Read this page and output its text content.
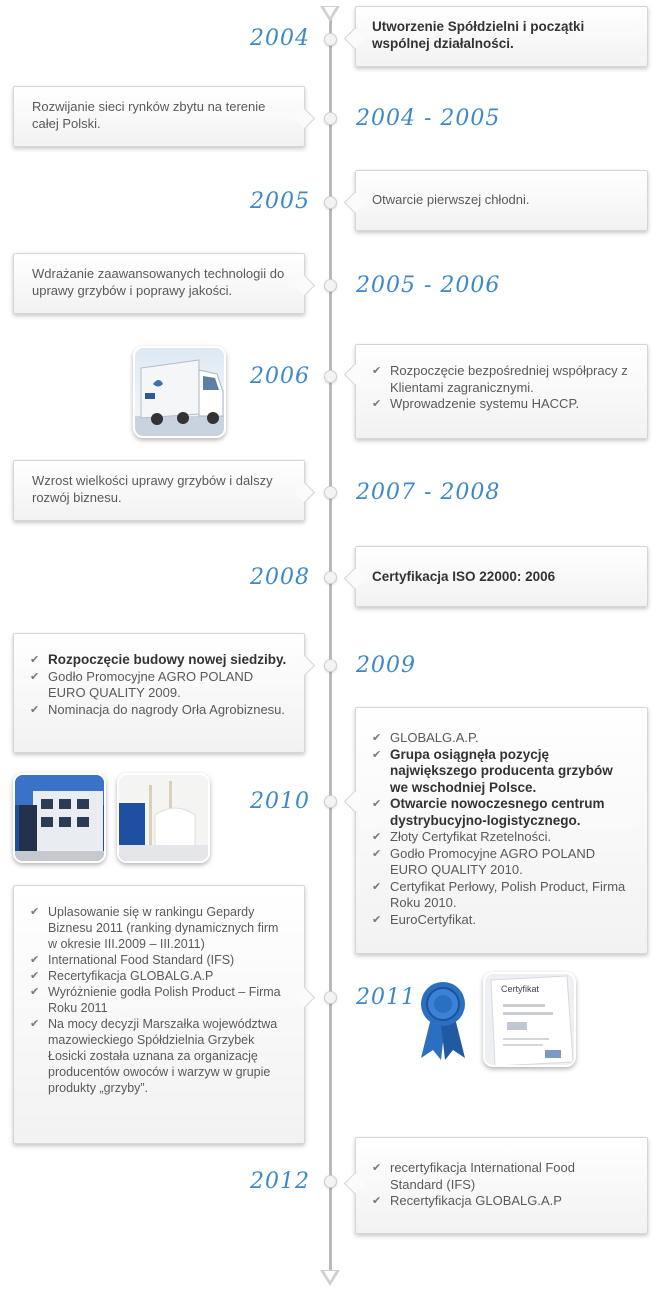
2004
2004 - 2005
2005
2005 - 2006
2006
2007 - 2008
2008
2009
2010
2011
2012
Utworzenie Spółdzielni i początki wspólnej działalności.
Rozwijanie sieci rynków zbytu na terenie całej Polski.
Otwarcie pierwszej chłodni.
Wdrażanie zaawansowanych technologii do uprawy grzybów i poprawy jakości.
✔ Rozpoczęcie bezpośredniej współpracy z Klientami zagranicznymi.
✔ Wprowadzenie systemu HACCP.
Wzrost wielkości uprawy grzybów i dalszy rozwój biznesu.
Certyfikacja ISO 22000: 2006
✔ Rozpoczęcie budowy nowej siedziby.
✔ Godło Promocyjne AGRO POLAND EURO QUALITY 2009.
✔ Nominacja do nagrody Orła Agrobiznesu.
✔ GLOBALG.A.P.
✔ Grupa osiągnęła pozycję największego producenta grzybów we wschodniej Polsce.
✔ Otwarcie nowoczesnego centrum dystrybucyjno-logistycznego.
✔ Złoty Certyfikat Rzetelności.
✔ Godło Promocyjne AGRO POLAND EURO QUALITY 2010.
✔ Certyfikat Perłowy, Polish Product, Firma Roku 2010.
✔ EuroCertyfikat.
✔ Uplasowanie się w rankingu Gepardy Biznesu 2011 (ranking dynamicznych firm w okresie III.2009 – III.2011)
✔ International Food Standard (IFS)
✔ Recertyfikacja GLOBALG.A.P
✔ Wyróżnienie godła Polish Product – Firma Roku 2011
✔ Na mocy decyzji Marszałka województwa mazowieckiego Spółdzielnia Grzybek Łosicki została uznana za organizację producentów owoców i warzyw w grupie produkty „grzyby”.
✔ recertyfikacja International Food Standard (IFS)
✔ Recertyfikacja GLOBALG.A.P
Certyfikat
